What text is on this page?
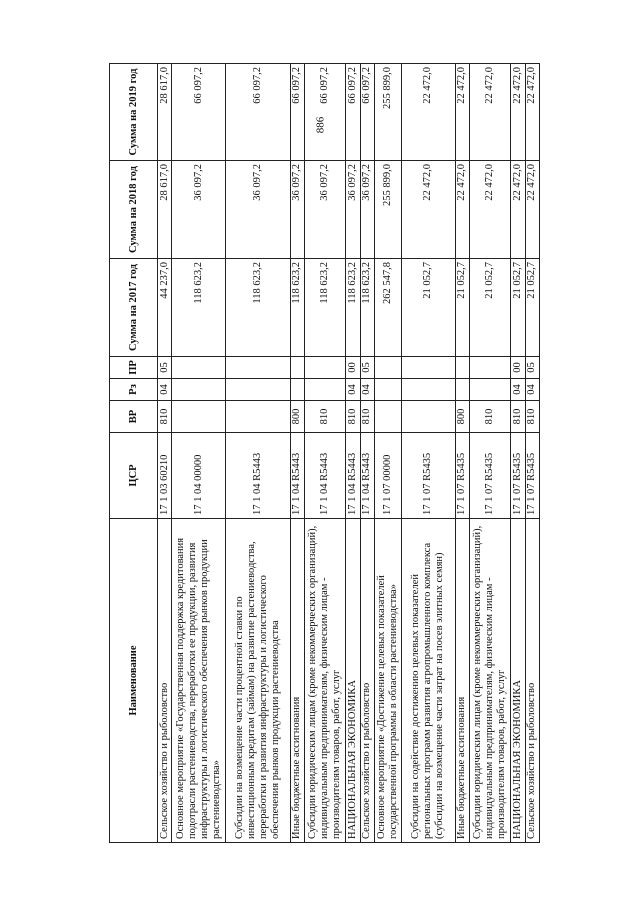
886
Наименование	ЦСР	ВР	Рз	ПР	Сумма на 2017 год	Сумма на 2018 год	Сумма на 2019 год
Сельское хозяйство и рыболовство	17 1 03 60210	810	04	05	44 237,0	28 617,0	28 617,0
Основное мероприятие «Государственная поддержка кредитования подотрасли растениеводства, переработки ее продукции, развития инфраструктуры и логистического обеспечения рынков продукции растениеводства»	17 1 04 00000				118 623,2	36 097,2	66 097,2
Субсидии на возмещение части процентной ставки по инвестиционным кредитам (займам) на развитие растениеводства, переработки и развития инфраструктуры и логистического обеспечения рынков продукции растениеводства	17 1 04 R5443				118 623,2	36 097,2	66 097,2
Иные бюджетные ассигнования	17 1 04 R5443	800			118 623,2	36 097,2	66 097,2
Субсидии юридическим лицам (кроме некоммерческих организаций), индивидуальным предпринимателям, физическим лицам - производителям товаров, работ, услуг	17 1 04 R5443	810			118 623,2	36 097,2	66 097,2
НАЦИОНАЛЬНАЯ ЭКОНОМИКА	17 1 04 R5443	810	04	00	118 623,2	36 097,2	66 097,2
Сельское хозяйство и рыболовство	17 1 04 R5443	810	04	05	118 623,2	36 097,2	66 097,2
Основное мероприятие «Достижение целевых показателей государственной программы в области растениеводства»	17 1 07 00000				262 547,8	255 899,0	255 899,0
Субсидии на содействие достижению целевых показателей региональных программ развития агропромышленного комплекса (субсидии на возмещение части затрат на посев элитных семян)	17 1 07 R5435				21 052,7	22 472,0	22 472,0
Иные бюджетные ассигнования	17 1 07 R5435	800			21 052,7	22 472,0	22 472,0
Субсидии юридическим лицам (кроме некоммерческих организаций), индивидуальным предпринимателям, физическим лицам - производителям товаров, работ, услуг	17 1 07 R5435	810			21 052,7	22 472,0	22 472,0
НАЦИОНАЛЬНАЯ ЭКОНОМИКА	17 1 07 R5435	810	04	00	21 052,7	22 472,0	22 472,0
Сельское хозяйство и рыболовство	17 1 07 R5435	810	04	05	21 052,7	22 472,0	22 472,0
